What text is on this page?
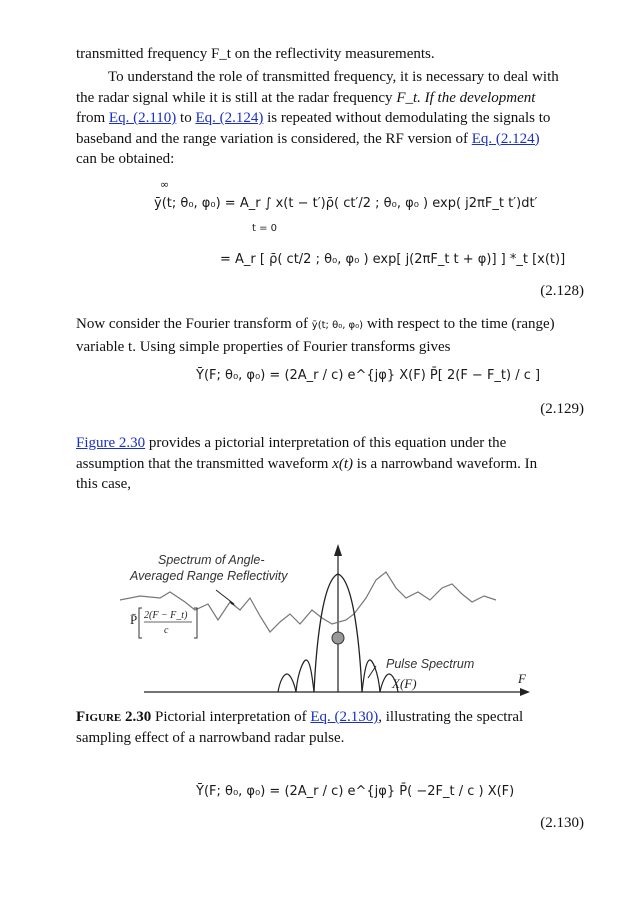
transmitted frequency F_t on the reflectivity measurements.
To understand the role of transmitted frequency, it is necessary to deal with
the radar signal while it is still at the radar frequency F_t. If the development
from Eq. (2.110) to Eq. (2.124) is repeated without demodulating the signals to
baseband and the range variation is considered, the RF version of Eq. (2.124)
can be obtained:
∞
ȳ(t; θ₀, φ₀) = A_r ∫ x(t − t′)ρ̄( ct′/2 ; θ₀, φ₀ ) exp( j2πF_t t′)dt′
t = 0
= A_r [ ρ̄( ct/2 ; θ₀, φ₀ ) exp[ j(2πF_t t + φ)] ] *_t [x(t)]
(2.128)
Now consider the Fourier transform of ȳ(t; θ₀, φ₀) with respect to the time (range)
variable t. Using simple properties of Fourier transforms gives
Ȳ(F; θ₀, φ₀) = (2A_r / c) e^{jφ} X(F) P̄[ 2(F − F_t) / c ]
(2.129)
Figure 2.30 provides a pictorial interpretation of this equation under the
assumption that the transmitted waveform x(t) is a narrowband waveform. In
this case,
F
Spectrum of Angle-
Averaged Range Reflectivity
Pulse Spectrum
X(F)
P̄ 2(F − F_t)
c
Figure 2.30 Pictorial interpretation of Eq. (2.130), illustrating the spectral
sampling effect of a narrowband radar pulse.
Ȳ(F; θ₀, φ₀) = (2A_r / c) e^{jφ} P̄( −2F_t / c ) X(F)
(2.130)
